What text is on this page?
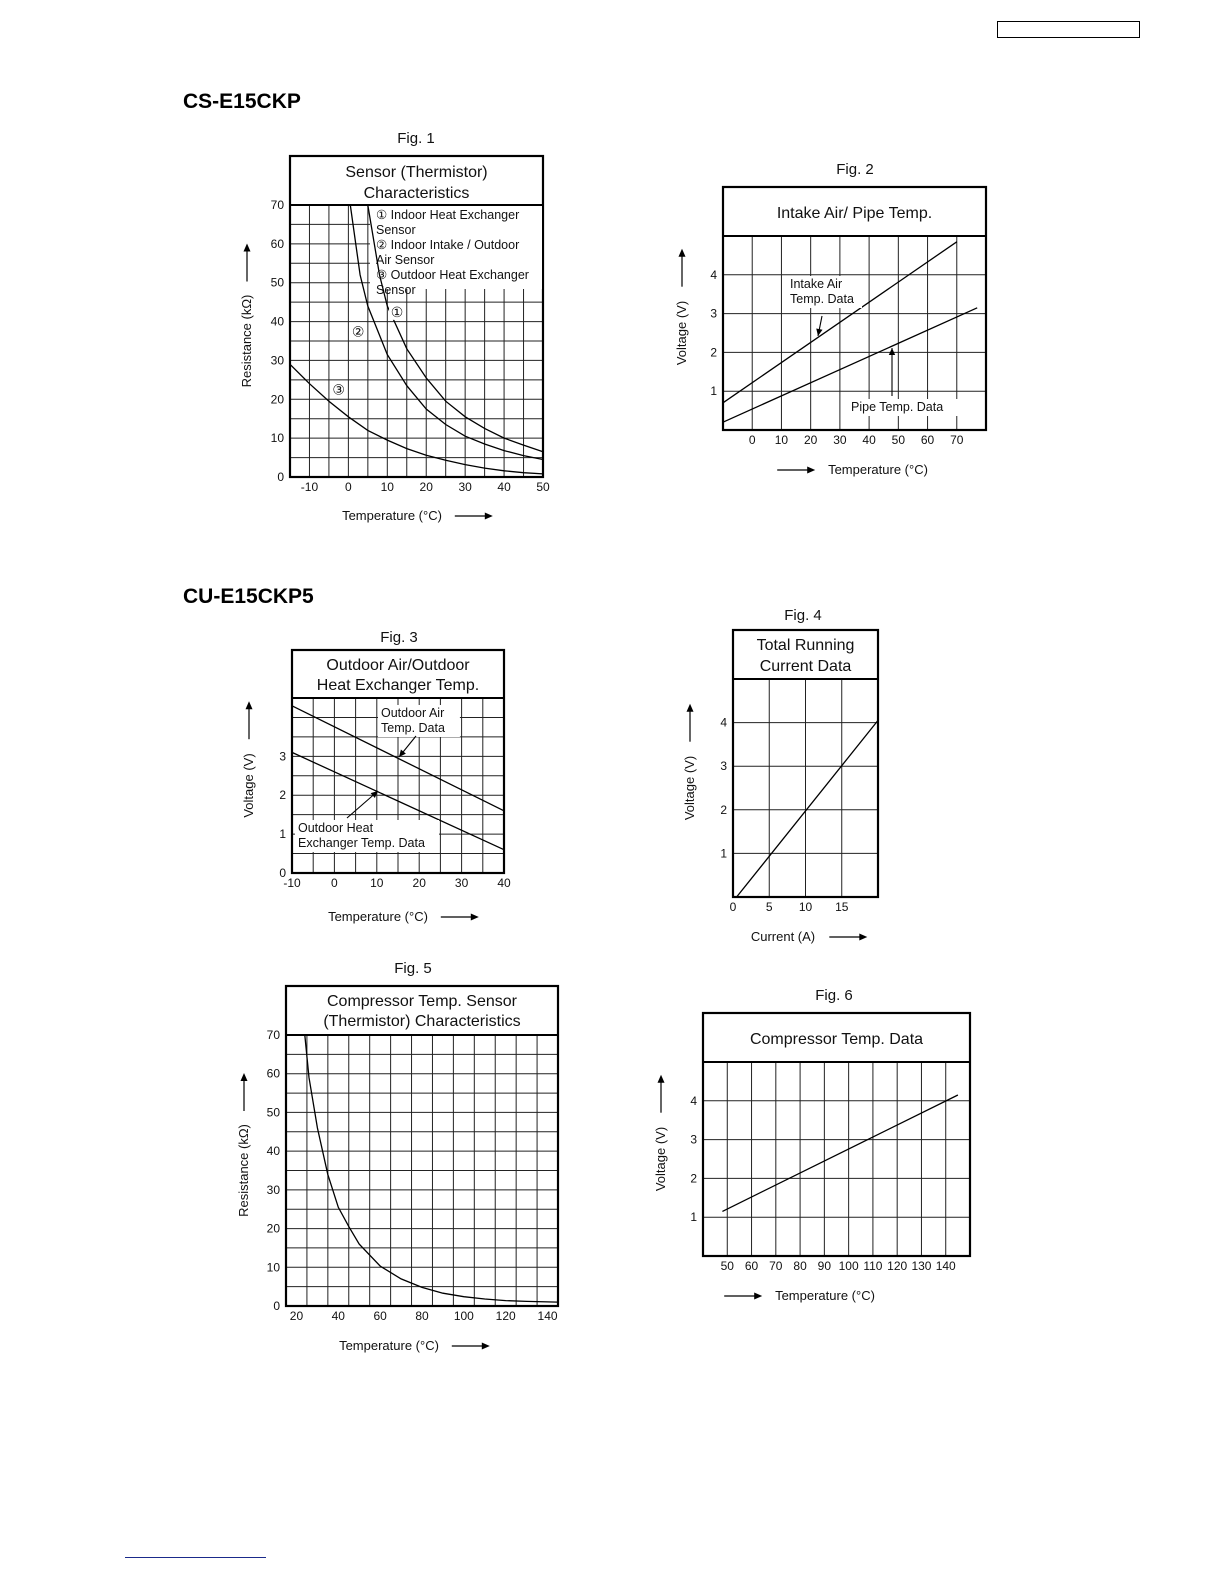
CS-E15CKP
CU-E15CKP5
Fig. 1
Sensor (Thermistor)
Characteristics
① Indoor Heat Exchanger
Sensor
② Indoor Intake / Outdoor
Air Sensor
③ Outdoor Heat Exchanger
Sensor
①
②
③
-10 0 10 20 30 40 50
0
10
20
30
40
50
60
70
Temperature (°C)
Resistance (kΩ)
Fig. 2
Intake Air/ Pipe Temp.
Intake Air
Temp. Data
Pipe Temp. Data
0 10 20 30 40 50 60 70
1
2
3
4
Temperature (°C)
Voltage (V)
Fig. 3
Outdoor Air/Outdoor
Heat Exchanger Temp.
Outdoor Air
Temp. Data
Outdoor Heat
Exchanger Temp. Data
-10	0	10 20 30 40
0
1
2
3
Temperature (°C)
Voltage (V)
Fig. 4
Total Running
Current Data
0 5 10 15
1
2
3
4
Current (A)
Voltage (V)
Fig. 5
Compressor Temp. Sensor
(Thermistor) Characteristics
20 40 60 80 100 120 140
0
10
20
30
40
50
60
70
Temperature (°C)
Resistance (kΩ)
Fig. 6
Compressor Temp. Data
50 60 70 80 90 100 110 120 130 140
1
2
3
4
Temperature (°C)
Voltage (V)
